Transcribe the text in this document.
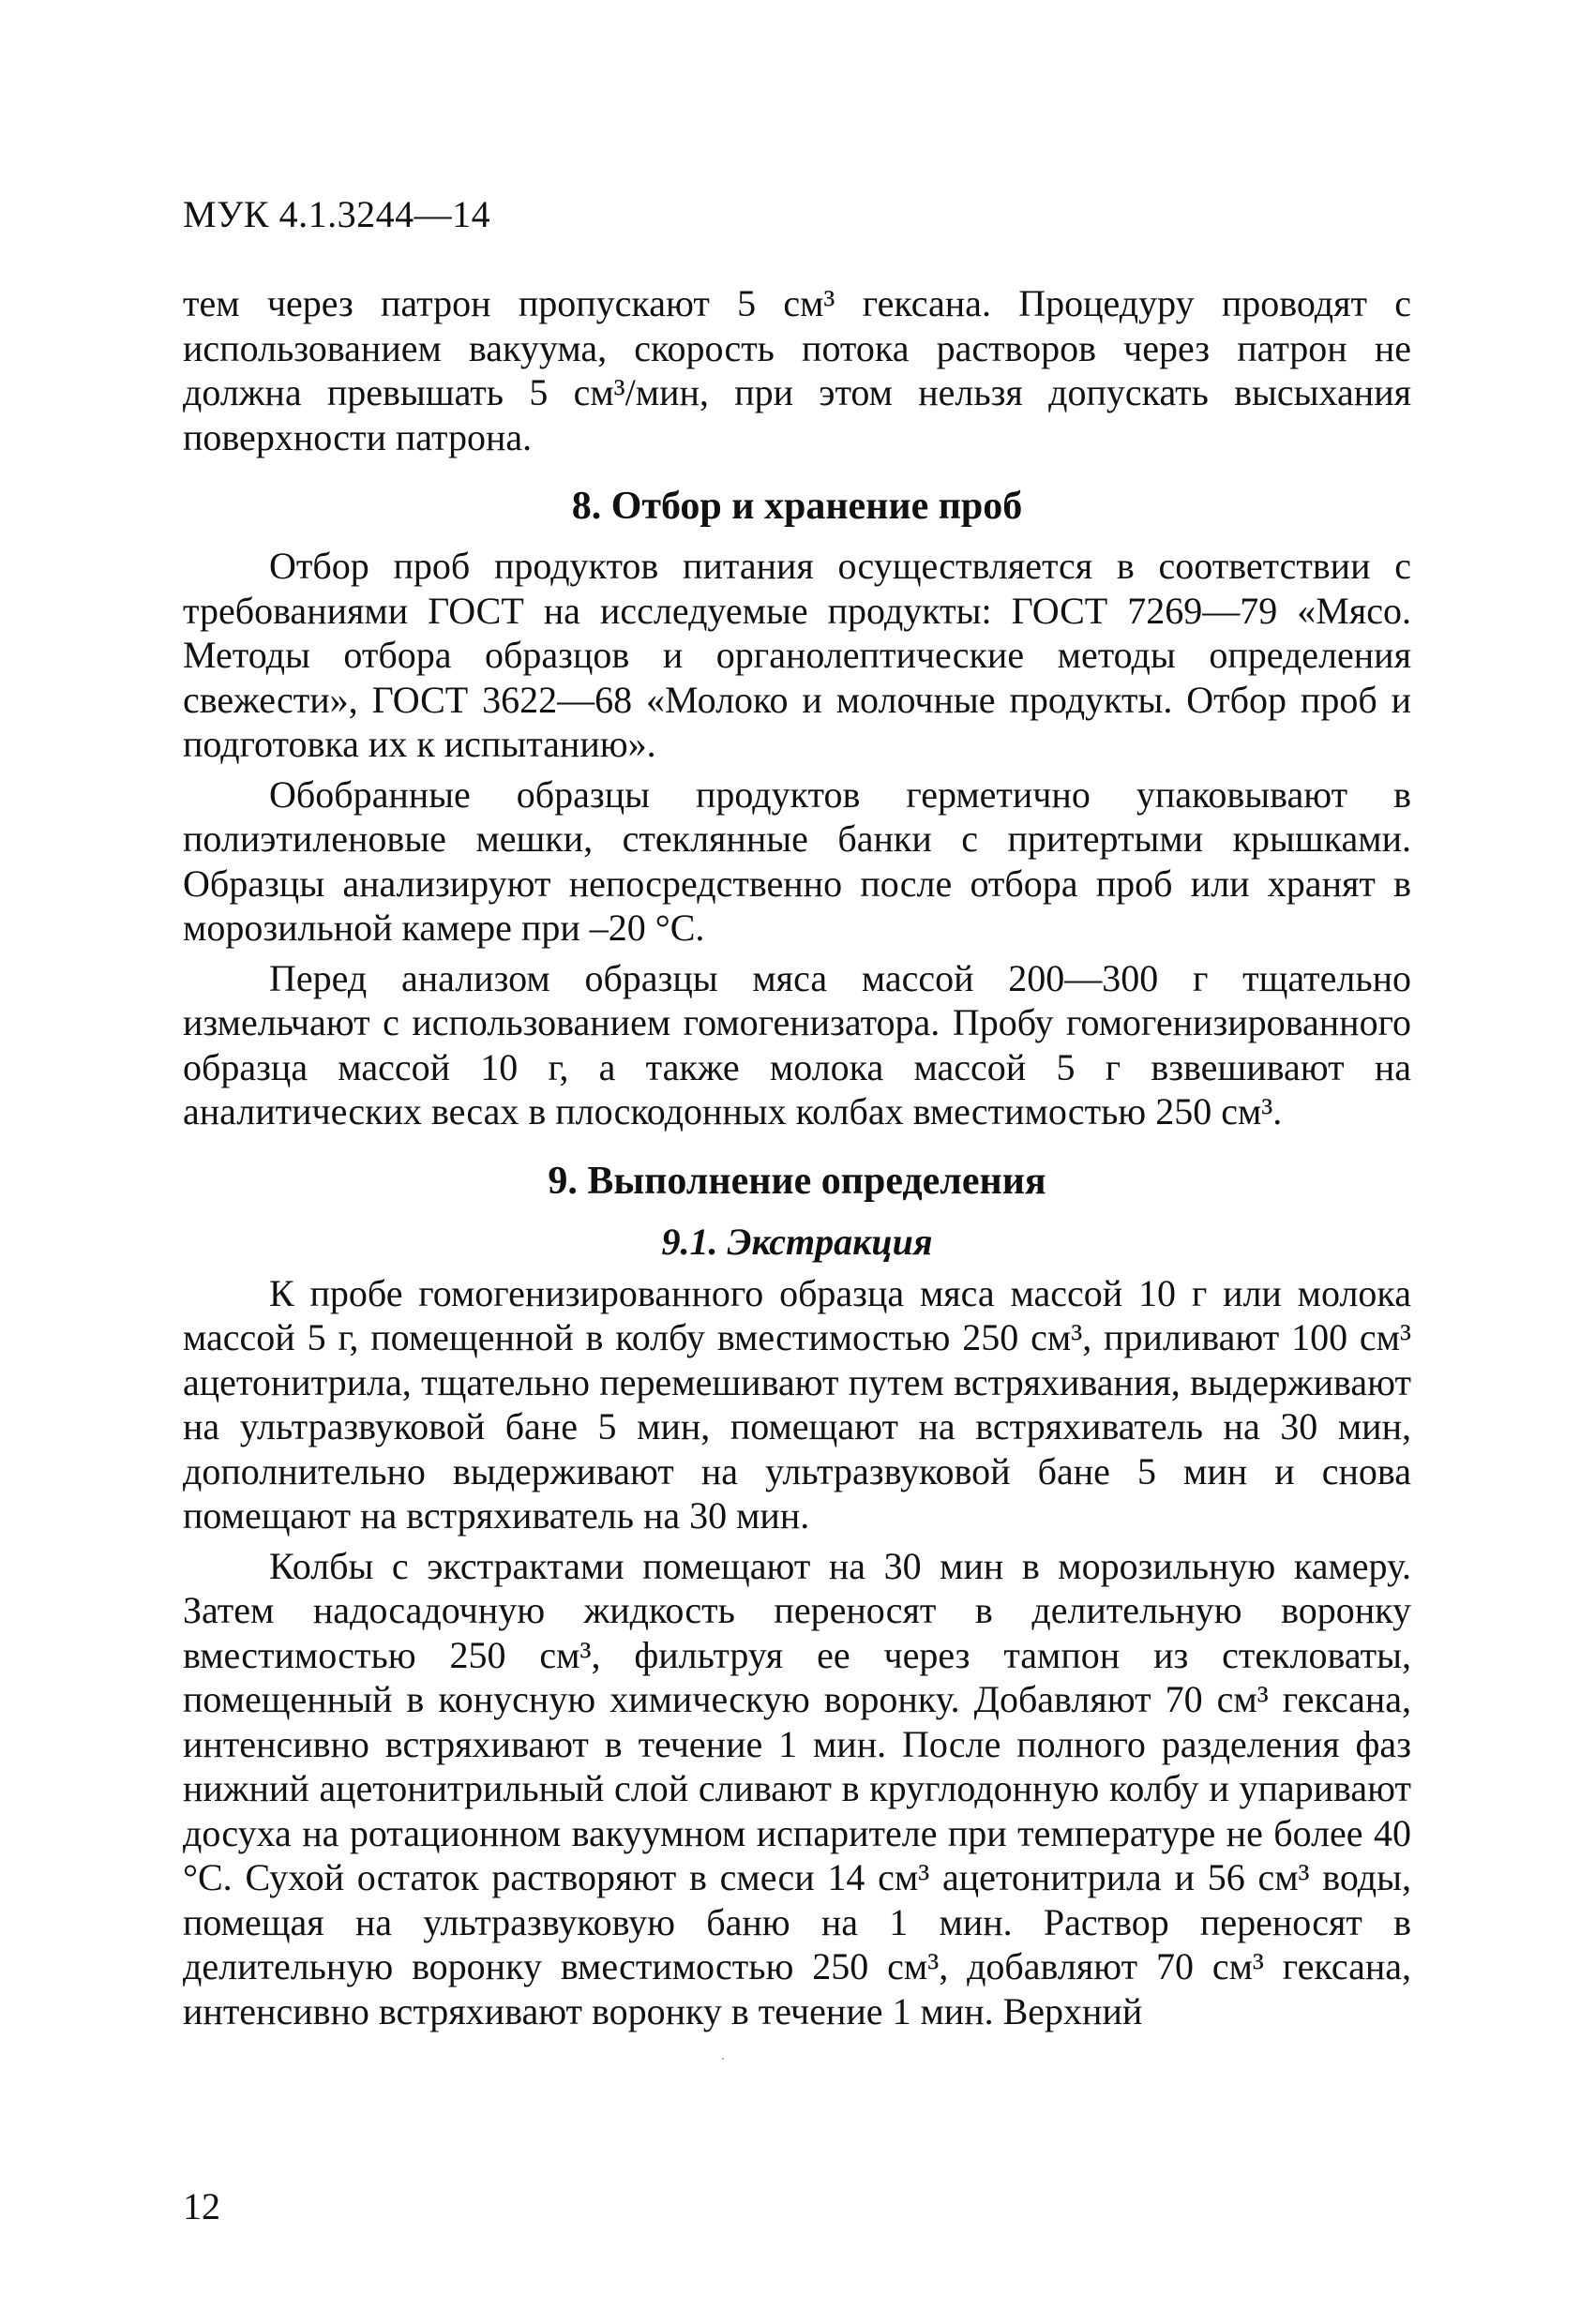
МУК 4.1.3244—14

тем через патрон пропускают 5 см³ гексана. Процедуру проводят с использованием вакуума, скорость потока растворов через патрон не должна превышать 5 см³/мин, при этом нельзя допускать высыхания поверхности патрона.

8. Отбор и хранение проб

Отбор проб продуктов питания осуществляется в соответствии с требованиями ГОСТ на исследуемые продукты: ГОСТ 7269—79 «Мясо. Методы отбора образцов и органолептические методы определения свежести», ГОСТ 3622—68 «Молоко и молочные продукты. Отбор проб и подготовка их к испытанию».

Обобранные образцы продуктов герметично упаковывают в полиэтиленовые мешки, стеклянные банки с притертыми крышками. Образцы анализируют непосредственно после отбора проб или хранят в морозильной камере при –20 °С.

Перед анализом образцы мяса массой 200—300 г тщательно измельчают с использованием гомогенизатора. Пробу гомогенизированного образца массой 10 г, а также молока массой 5 г взвешивают на аналитических весах в плоскодонных колбах вместимостью 250 см³.

9. Выполнение определения
9.1. Экстракция

К пробе гомогенизированного образца мяса массой 10 г или молока массой 5 г, помещенной в колбу вместимостью 250 см³, приливают 100 см³ ацетонитрила, тщательно перемешивают путем встряхивания, выдерживают на ультразвуковой бане 5 мин, помещают на встряхиватель на 30 мин, дополнительно выдерживают на ультразвуковой бане 5 мин и снова помещают на встряхиватель на 30 мин.

Колбы с экстрактами помещают на 30 мин в морозильную камеру. Затем надосадочную жидкость переносят в делительную воронку вместимостью 250 см³, фильтруя ее через тампон из стекловаты, помещенный в конусную химическую воронку. Добавляют 70 см³ гексана, интенсивно встряхивают в течение 1 мин. После полного разделения фаз нижний ацетонитрильный слой сливают в круглодонную колбу и упаривают досуха на ротационном вакуумном испарителе при температуре не более 40 °С. Сухой остаток растворяют в смеси 14 см³ ацетонитрила и 56 см³ воды, помещая на ультразвуковую баню на 1 мин. Раствор переносят в делительную воронку вместимостью 250 см³, добавляют 70 см³ гексана, интенсивно встряхивают воронку в течение 1 мин. Верхний

12
